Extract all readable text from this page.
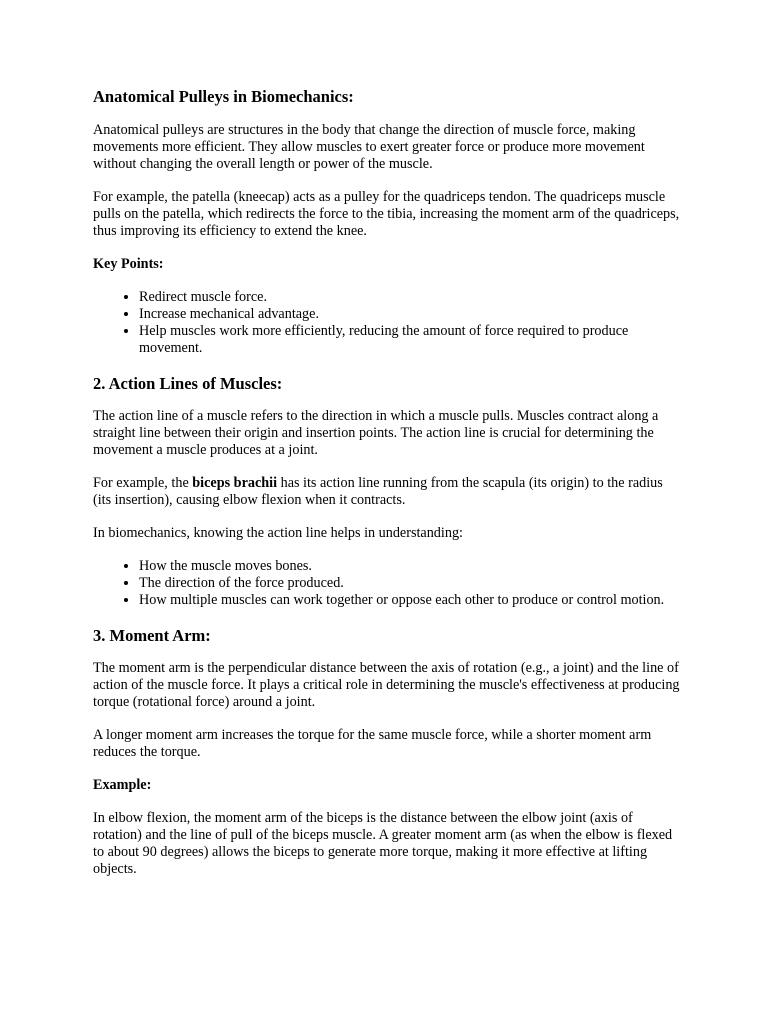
Anatomical Pulleys in Biomechanics:

Anatomical pulleys are structures in the body that change the direction of muscle force, making movements more efficient. They allow muscles to exert greater force or produce more movement without changing the overall length or power of the muscle.

For example, the patella (kneecap) acts as a pulley for the quadriceps tendon. The quadriceps muscle pulls on the patella, which redirects the force to the tibia, increasing the moment arm of the quadriceps, thus improving its efficiency to extend the knee.

Key Points:
• Redirect muscle force.
• Increase mechanical advantage.
• Help muscles work more efficiently, reducing the amount of force required to produce movement.
2. Action Lines of Muscles:

The action line of a muscle refers to the direction in which a muscle pulls. Muscles contract along a straight line between their origin and insertion points. The action line is crucial for determining the movement a muscle produces at a joint.

For example, the biceps brachii has its action line running from the scapula (its origin) to the radius (its insertion), causing elbow flexion when it contracts.

In biomechanics, knowing the action line helps in understanding:

• How the muscle moves bones.
• The direction of the force produced.
• How multiple muscles can work together or oppose each other to produce or control motion.
3. Moment Arm:

The moment arm is the perpendicular distance between the axis of rotation (e.g., a joint) and the line of action of the muscle force. It plays a critical role in determining the muscle's effectiveness at producing torque (rotational force) around a joint.

A longer moment arm increases the torque for the same muscle force, while a shorter moment arm reduces the torque.

Example:

In elbow flexion, the moment arm of the biceps is the distance between the elbow joint (axis of rotation) and the line of pull of the biceps muscle. A greater moment arm (as when the elbow is flexed to about 90 degrees) allows the biceps to generate more torque, making it more effective at lifting objects.
